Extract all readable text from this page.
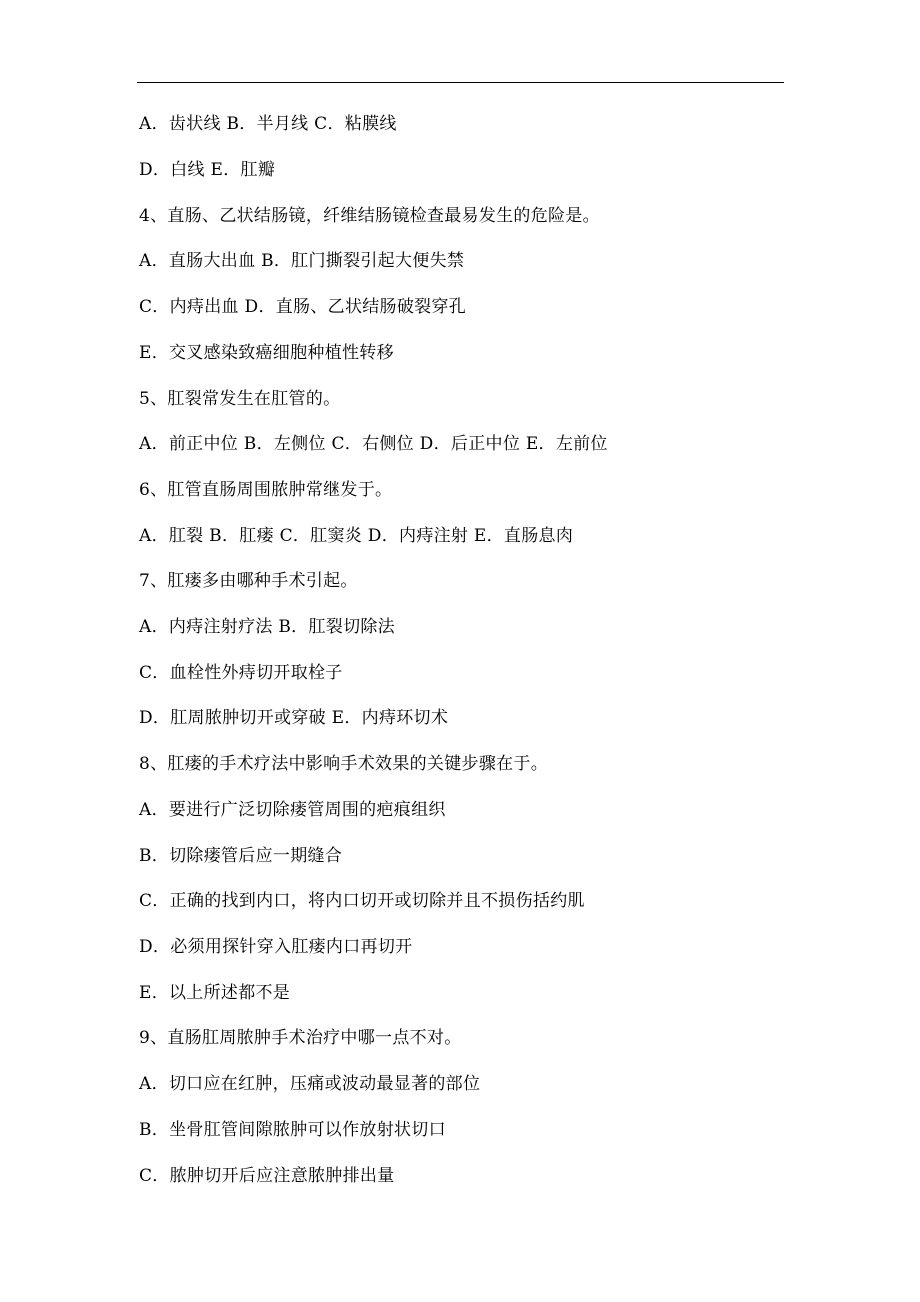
A．齿状线 B．半月线 C．粘膜线
D．白线 E．肛瓣
4、直肠、乙状结肠镜，纤维结肠镜检查最易发生的危险是。
A．直肠大出血 B．肛门撕裂引起大便失禁
C．内痔出血 D．直肠、乙状结肠破裂穿孔
E．交叉感染致癌细胞种植性转移
5、肛裂常发生在肛管的。
A．前正中位 B．左侧位 C．右侧位 D．后正中位 E．左前位
6、肛管直肠周围脓肿常继发于。
A．肛裂 B．肛瘘 C．肛窦炎 D．内痔注射 E．直肠息肉
7、肛瘘多由哪种手术引起。
A．内痔注射疗法 B．肛裂切除法
C．血栓性外痔切开取栓子
D．肛周脓肿切开或穿破 E．内痔环切术
8、肛瘘的手术疗法中影响手术效果的关键步骤在于。
A．要进行广泛切除瘘管周围的疤痕组织
B．切除瘘管后应一期缝合
C．正确的找到内口，将内口切开或切除并且不损伤括约肌
D．必须用探针穿入肛瘘内口再切开
E．以上所述都不是
9、直肠肛周脓肿手术治疗中哪一点不对。
A．切口应在红肿，压痛或波动最显著的部位
B．坐骨肛管间隙脓肿可以作放射状切口
C．脓肿切开后应注意脓肿排出量
